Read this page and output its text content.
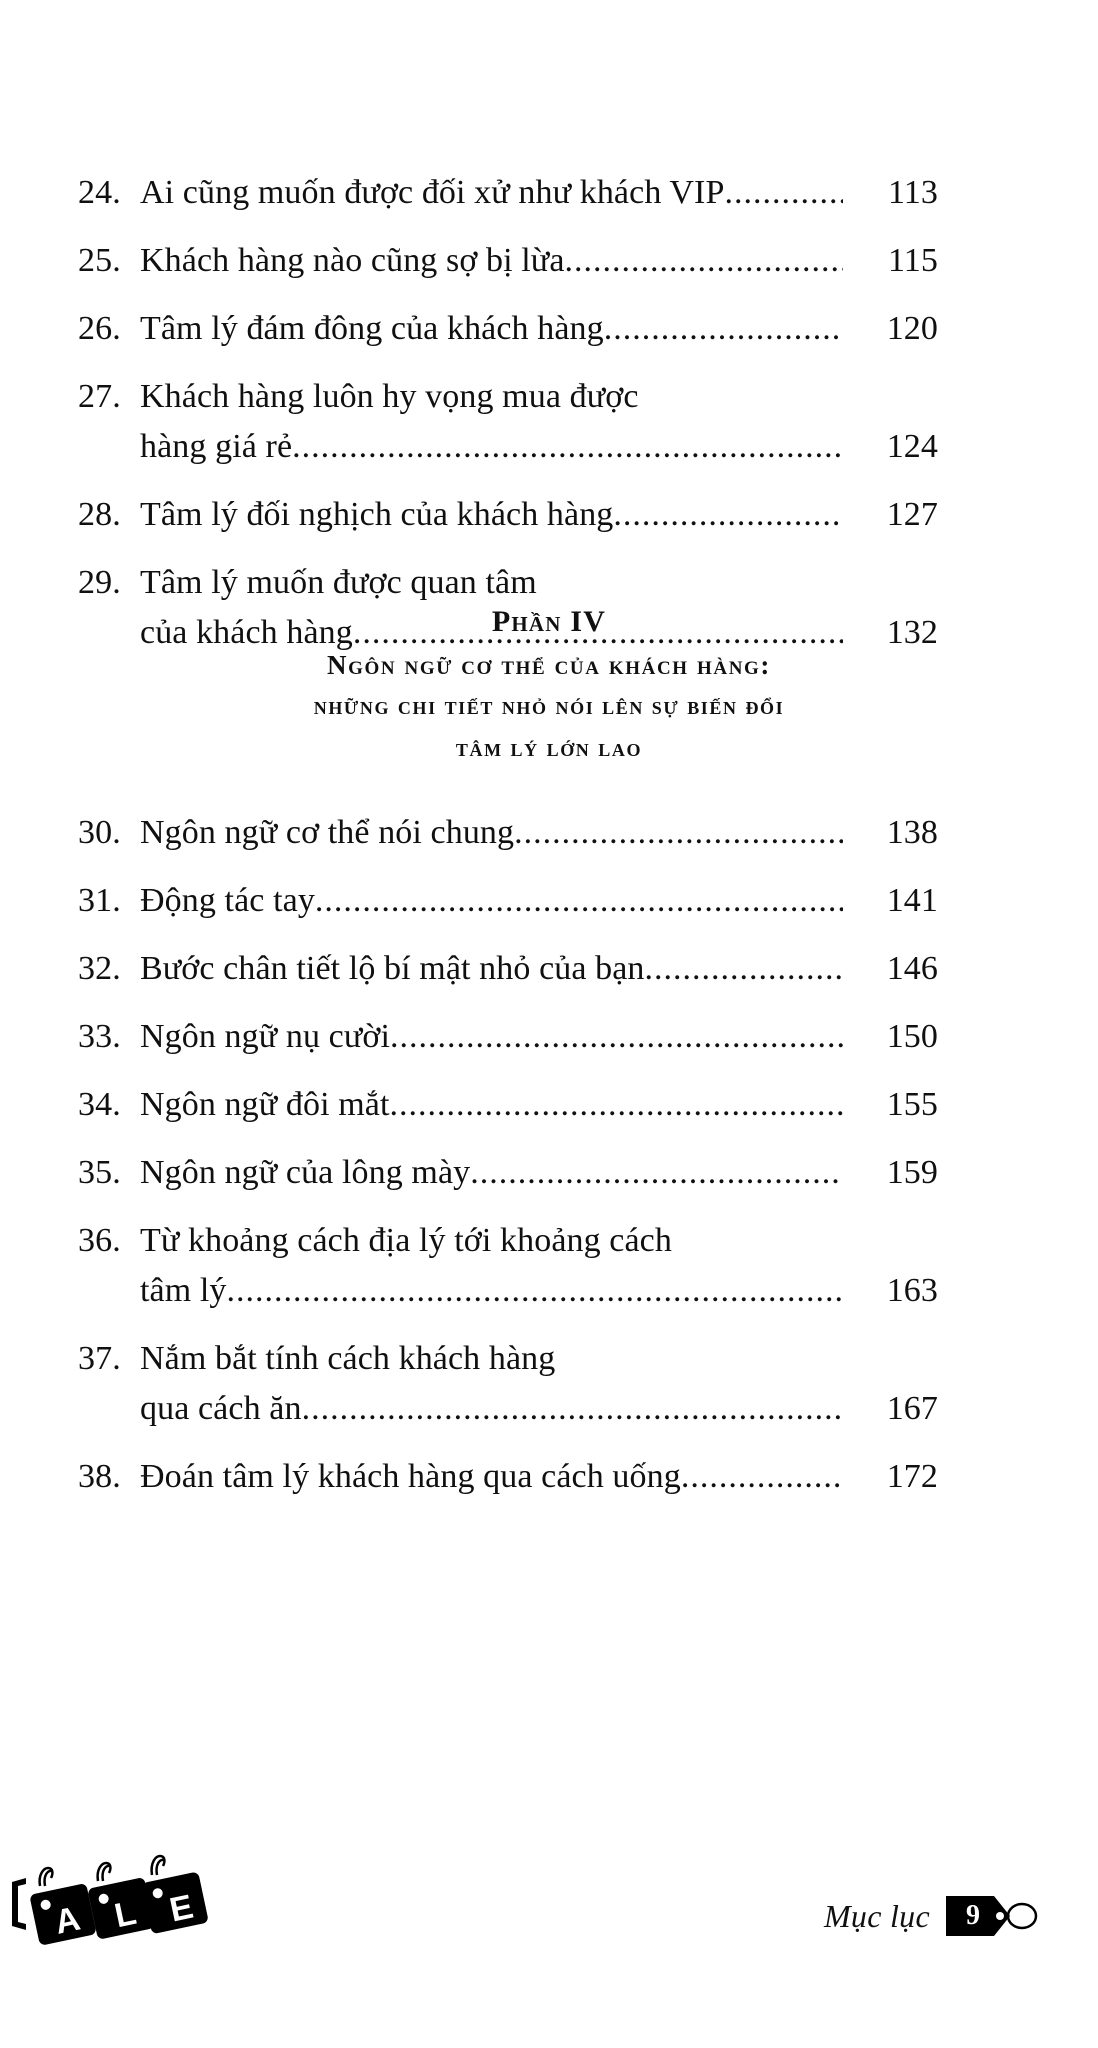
24. Ai cũng muốn được đối xử như khách VIP .....	113
25. Khách hàng nào cũng sợ bị lừa .....	115
26. Tâm lý đám đông của khách hàng .....	120
27. Khách hàng luôn hy vọng mua được
hàng giá rẻ .....	124
28. Tâm lý đối nghịch của khách hàng .....	127
29. Tâm lý muốn được quan tâm
của khách hàng .....	132
Phần IV
Ngôn ngữ cơ thể của khách hàng:
những chi tiết nhỏ nói lên sự biến đổi
tâm lý lớn lao
30. Ngôn ngữ cơ thể nói chung .....	138
31. Động tác tay .....	141
32. Bước chân tiết lộ bí mật nhỏ của bạn .....	146
33. Ngôn ngữ nụ cười .....	150
34. Ngôn ngữ đôi mắt .....	155
35. Ngôn ngữ của lông mày .....	159
36. Từ khoảng cách địa lý tới khoảng cách
tâm lý .....	163
37. Nắm bắt tính cách khách hàng
qua cách ăn .....	167
38. Đoán tâm lý khách hàng qua cách uống .....	172
A L E	Mục lục	9
